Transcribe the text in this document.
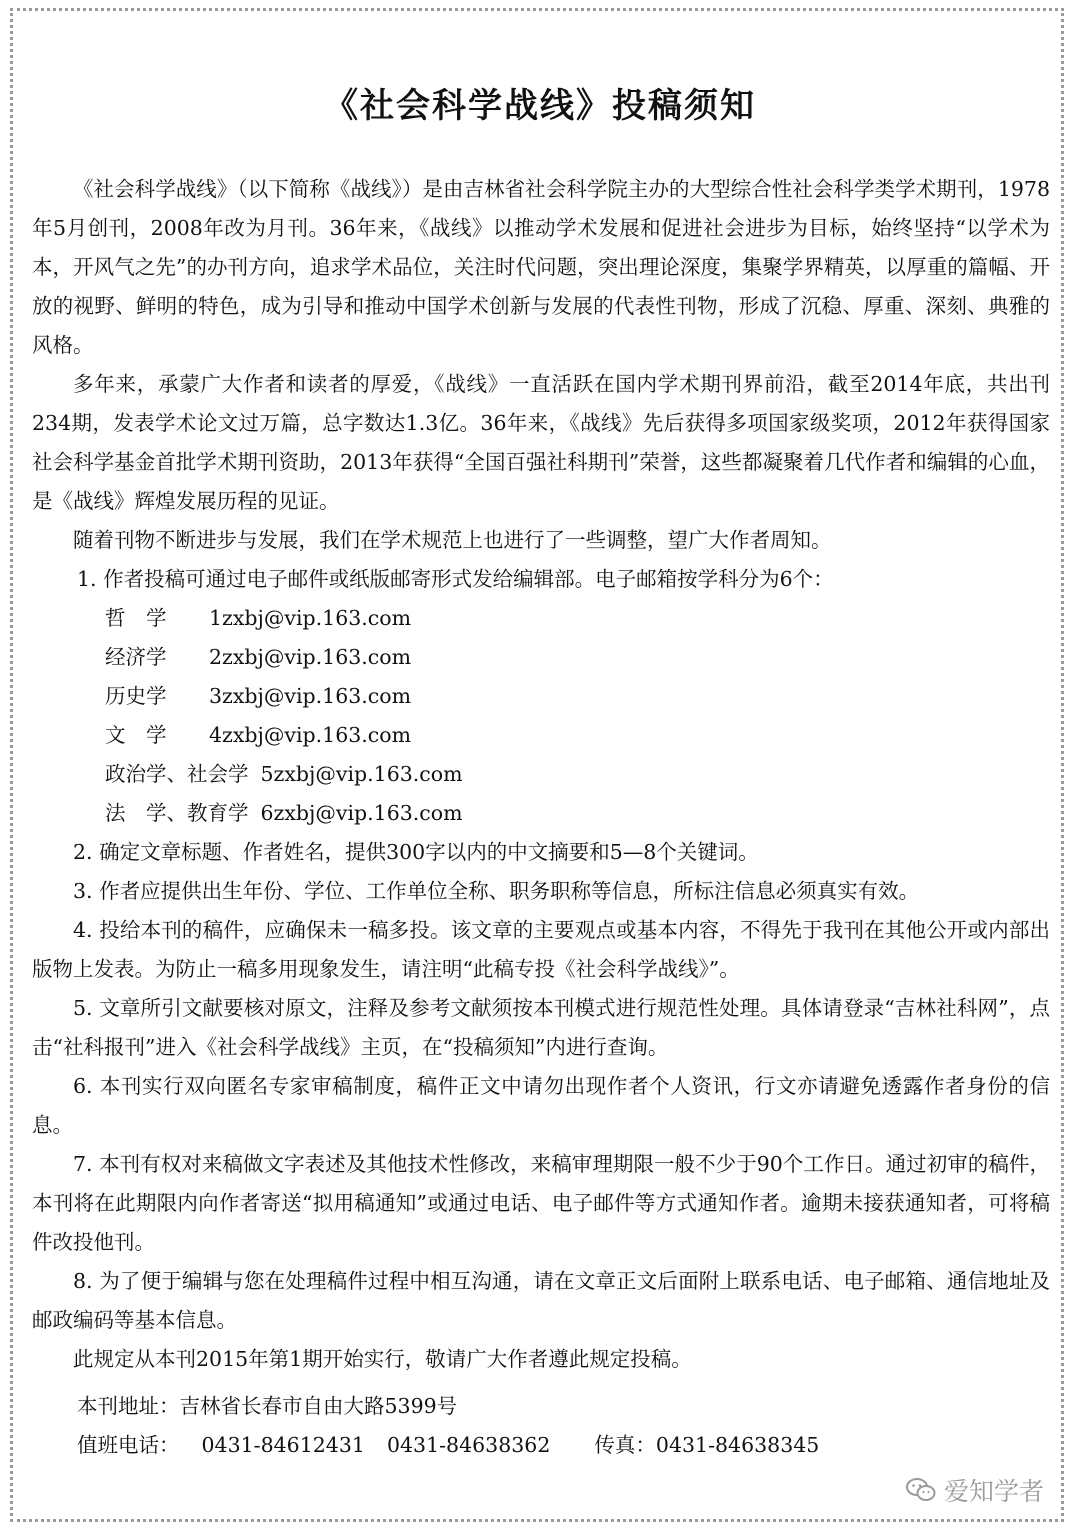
《社会科学战线》投稿须知

《社会科学战线》（以下简称《战线》）是由吉林省社会科学院主办的大型综合性社会科学类学术期刊，1978年5月创刊，2008年改为月刊。36年来，《战线》以推动学术发展和促进社会进步为目标，始终坚持“以学术为本，开风气之先”的办刊方向，追求学术品位，关注时代问题，突出理论深度，集聚学界精英，以厚重的篇幅、开放的视野、鲜明的特色，成为引导和推动中国学术创新与发展的代表性刊物，形成了沉稳、厚重、深刻、典雅的风格。

多年来，承蒙广大作者和读者的厚爱，《战线》一直活跃在国内学术期刊界前沿，截至2014年底，共出刊234期，发表学术论文过万篇，总字数达1.3亿。36年来，《战线》先后获得多项国家级奖项，2012年获得国家社会科学基金首批学术期刊资助，2013年获得“全国百强社科期刊”荣誉，这些都凝聚着几代作者和编辑的心血，是《战线》辉煌发展历程的见证。

随着刊物不断进步与发展，我们在学术规范上也进行了一些调整，望广大作者周知。

1. 作者投稿可通过电子邮件或纸版邮寄形式发给编辑部。电子邮箱按学科分为6个：

哲　学	1zxbj@vip.163.com
经济学	2zxbj@vip.163.com
历史学	3zxbj@vip.163.com
文　学	4zxbj@vip.163.com
政治学、社会学 5zxbj@vip.163.com
法　学、教育学 6zxbj@vip.163.com

2. 确定文章标题、作者姓名，提供300字以内的中文摘要和5—8个关键词。

3. 作者应提供出生年份、学位、工作单位全称、职务职称等信息，所标注信息必须真实有效。

4. 投给本刊的稿件，应确保未一稿多投。该文章的主要观点或基本内容，不得先于我刊在其他公开或内部出版物上发表。为防止一稿多用现象发生，请注明“此稿专投《社会科学战线》”。

5. 文章所引文献要核对原文，注释及参考文献须按本刊模式进行规范性处理。具体请登录“吉林社科网”，点击“社科报刊”进入《社会科学战线》主页，在“投稿须知”内进行查询。

6. 本刊实行双向匿名专家审稿制度，稿件正文中请勿出现作者个人资讯，行文亦请避免透露作者身份的信息。

7. 本刊有权对来稿做文字表述及其他技术性修改，来稿审理期限一般不少于90个工作日。通过初审的稿件，本刊将在此期限内向作者寄送“拟用稿通知”或通过电话、电子邮件等方式通知作者。逾期未接获通知者，可将稿件改投他刊。

8. 为了便于编辑与您在处理稿件过程中相互沟通，请在文章正文后面附上联系电话、电子邮箱、通信地址及邮政编码等基本信息。

此规定从本刊2015年第1期开始实行，敬请广大作者遵此规定投稿。

本刊地址：吉林省长春市自由大路5399号
值班电话： 0431-84612431 0431-84638362 传真：0431-84638345
爱知学者
